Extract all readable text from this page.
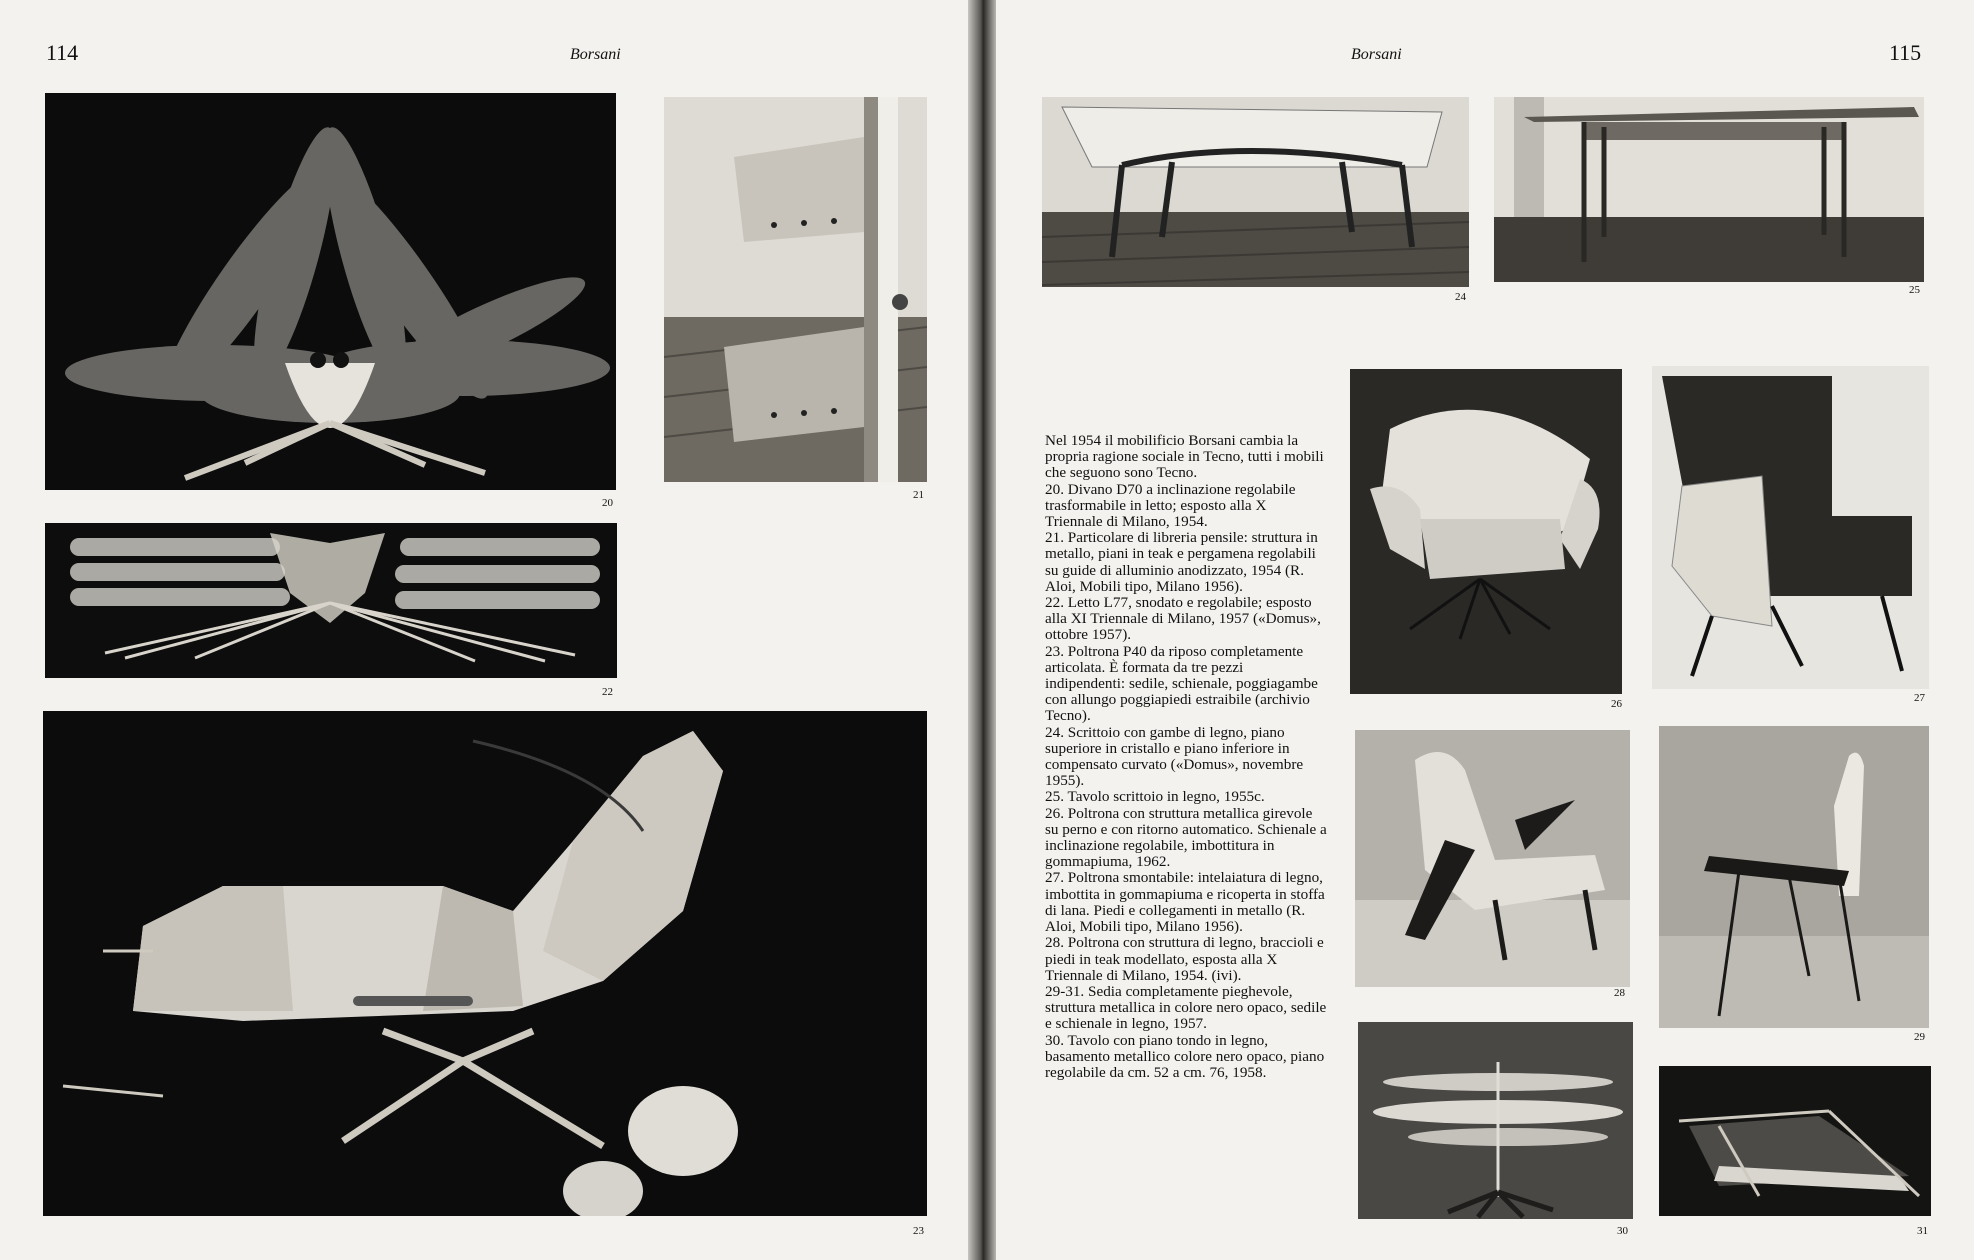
114	Borsani
20
21
22
23
Borsani	115
24
25
26	27
28
29
30	31

Nel 1954 il mobilificio Borsani cambia la propria ragione sociale in Tecno, tutti i mobili che seguono sono Tecno.

20. Divano D70 a inclinazione regolabile trasformabile in letto; esposto alla X Triennale di Milano, 1954.

21. Particolare di libreria pensile: struttura in metallo, piani in teak e pergamena regolabili su guide di alluminio anodizzato, 1954 (R. Aloi, Mobili tipo, Milano 1956).

22. Letto L77, snodato e regolabile; esposto alla XI Triennale di Milano, 1957 («Domus», ottobre 1957).

23. Poltrona P40 da riposo completamente articolata. È formata da tre pezzi indipendenti: sedile, schienale, poggiagambe con allungo poggiapiedi estraibile (archivio Tecno).

24. Scrittoio con gambe di legno, piano superiore in cristallo e piano inferiore in compensato curvato («Domus», novembre 1955).

25. Tavolo scrittoio in legno, 1955c.

26. Poltrona con struttura metallica girevole su perno e con ritorno automatico. Schienale a inclinazione regolabile, imbottitura in gommapiuma, 1962.

27. Poltrona smontabile: intelaiatura di legno, imbottita in gommapiuma e ricoperta in stoffa di lana. Piedi e collegamenti in metallo (R. Aloi, Mobili tipo, Milano 1956).

28. Poltrona con struttura di legno, braccioli e piedi in teak modellato, esposta alla X Triennale di Milano, 1954. (ivi).

29-31. Sedia completamente pieghevole, struttura metallica in colore nero opaco, sedile e schienale in legno, 1957.

30. Tavolo con piano tondo in legno, basamento metallico colore nero opaco, piano regolabile da cm. 52 a cm. 76, 1958.
